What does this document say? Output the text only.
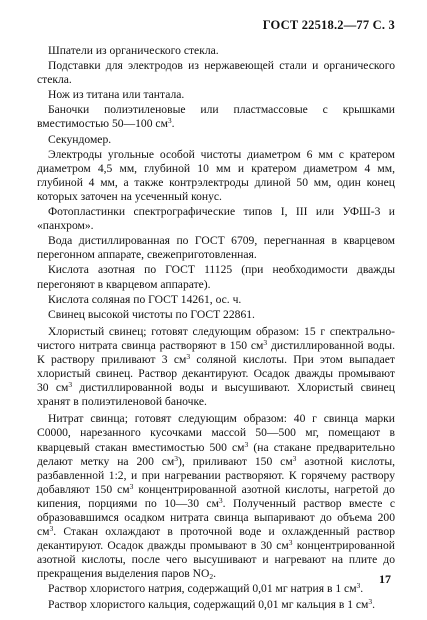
ГОСТ 22518.2—77 С. 3

Шпатели из органического стекла.

Подставки для электродов из нержавеющей стали и органического стекла.

Нож из титана или тантала.

Баночки полиэтиленовые или пластмассовые с крышками вместимостью 50—100 $см^3$.

Секундомер.

Электроды угольные особой чистоты диаметром 6 мм с кратером диаметром 4,5 мм, глубиной 10 мм и кратером диаметром 4 мм, глубиной 4 мм, а также контрэлектроды длиной 50 мм, один конец которых заточен на усеченный конус.

Фотопластинки спектрографические типов I, III или УФШ-3 и «панхром».

Вода дистиллированная по ГОСТ 6709, перегнанная в кварцевом перегонном аппарате, свежеприготовленная.

Кислота азотная по ГОСТ 11125 (при необходимости дважды перегоняют в кварцевом аппарате).

Кислота соляная по ГОСТ 14261, ос. ч.

Свинец высокой чистоты по ГОСТ 22861.

Хлористый свинец; готовят следующим образом: 15 г спектрально-чистого нитрата свинца растворяют в 150 $см^3$ дистиллированной воды. К раствору приливают 3 $см^3$ соляной кислоты. При этом выпадает хлористый свинец. Раствор декантируют. Осадок дважды промывают 30 $см^3$ дистиллированной воды и высушивают. Хлористый свинец хранят в полиэтиленовой баночке.

Нитрат свинца; готовят следующим образом: 40 г свинца марки С0000, нарезанного кусочками массой 50—500 мг, помещают в кварцевый стакан вместимостью 500 $см^3$ (на стакане предварительно делают метку на 200 $см^3$), приливают 150 $см^3$ азотной кислоты, разбавленной 1:2, и при нагревании растворяют. К горячему раствору добавляют 150 $см^3$ концентрированной азотной кислоты, нагретой до кипения, порциями по 10—30 $см^3$. Полученный раствор вместе с образовавшимся осадком нитрата свинца выпаривают до объема 200 $см^3$. Стакан охлаждают в проточной воде и охлажденный раствор декантируют. Осадок дважды промывают в 30 $см^3$ концентрированной азотной кислоты, после чего высушивают и нагревают на плите до прекращения выделения паров $NO_2$.

Раствор хлористого натрия, содержащий 0,01 мг натрия в 1 $см^3$.

Раствор хлористого кальция, содержащий 0,01 мг кальция в 1 $см^3$.

17
